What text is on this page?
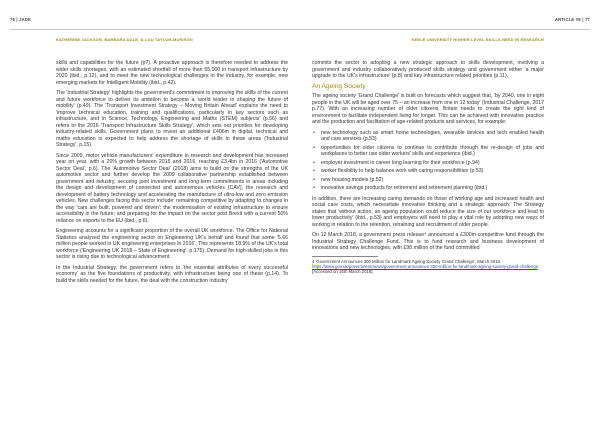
76 | JADE	ARTICLE #9 | 77
KATHERINE JACKSON, BARBARA DALE, & LOU TAYLOR-MURISON	KEELE UNIVERSITY HIGHER LEVEL SKILLS NEED IN RESEARCH

skills and capabilities for the future (p7). A proactive approach is therefore needed to address the wider skills shortages, with an estimated shortfall of more than 55,000 in transport infrastructure by 2020 (ibid., p.12), and to meet the new technological challenges in the industry, for example, new emerging markets for Intelligent Mobility (ibid., p.42).

The 'Industrial Strategy' highlights the government's commitment to improving the skills of the current and future workforce to deliver its ambition to become a 'world leader in shaping the future of mobility' (p.49). The 'Transport Investment Strategy – Moving Britain Ahead' explains the need to 'improve technical education, training and qualifications, particularly in key sectors such as infrastructure, and in Science, Technology, Engineering and Maths (STEM) subjects' (p.66) and refers to the 2016 'Transport Infrastructure Skills Strategy', which sets out priorities for developing industry-related skills. Government plans to invest an additional £406m in digital, technical and maths education is expected to help address the shortage of skills in these areas ('Industrial Strategy', p.15).

Since 2009, motor vehicle manufacturers' expenditure in research and development has increased year on year, with a 20% growth between 2015 and 2016, reaching £3.4bn in 2016 ('Automotive Sector Deal', p.6). The 'Automotive Sector Deal' (2018) aims to build on the strengths of the UK automotive sector and further develop the 2009 collaborative partnership established between government and industry, securing joint investment and long-term commitments in areas including the design and development of connected and autonomous vehicles (CAV), the research and development of battery technology and accelerating the manufacture of ultra-low and zero emission vehicles. New challenges facing this sector include: remaining competitive by adapting to changes in the way 'cars are built, powered and driven'; the modernisation of existing infrastructure to ensure accessibility in the future; and preparing for the impact on the sector post Brexit with a current 50% reliance on exports to the EU (ibid., p.6).

Engineering accounts for a significant proportion of the overall UK workforce. The Office for National Statistics analysed the engineering sector on Engineering UK's behalf and found that some '5.66 million people worked in UK engineering enterprises in 2016'. This represents 18.9% of the UK's total workforce ('Engineering UK 2018 – State of Engineering', p.175). Demand for high-skilled jobs in this sector is rising due to technological advancement.

In the Industrial Strategy, the government refers to 'the essential attributes of every successful economy' as the five foundations of productivity, with infrastructure being one of these (p.14). To build the skills needed for the future, the deal with the construction industry

commits the sector to adopting a new strategic approach to skills development, involving a government and industry collaboratively produced skills strategy and government either 'a major upgrade to the UK's infrastructure' (p.8) and key infrastructure related priorities (p.11).

An Ageing Society

The ageing society 'Grand Challenge' is built on forecasts which suggest that, 'by 2040, one in eight people in the UK will be aged over 75 – an increase from one in 12 today' (Industrial Challenge, 2017 p.77). With an increasing number of older citizens, Britain needs to create the right kind of environment to facilitate independent living for longer. This can be achieved with innovative practice and the production and facilitation of age-related products and services, for example:

• new technology such as smart home technologies, wearable devices and tech enabled health and care services (p.53)
• opportunities for older citizens to continue to contribute through the re-design of jobs and workplaces to better use older workers' skills and experience (ibid.)
• employer investment in career long learning for their workforce (p.94)
• worker flexibility to help balance work with caring responsibilities (p.53)
• new housing models (p.52)
• innovative savings products for retirement and retirement planning (ibid.)

In addition, there are increasing caring demands on those of working age and increased health and social care costs, which necessitate innovative thinking and a strategic approach. The Strategy states that 'without action, an ageing population could reduce the size of our workforce and lead to lower productivity' (ibid., p.53) and employers will need to play a vital role by adopting new ways of working in relation to the retention, retraining and recruitment of older people.

On 12 March 2018, a government press release⁴ announced a £300m competitive fund through the Industrial Strategy Challenge Fund. This is to fund research and business development of innovations and new technologies, with £98 million of the fund committed

4 'Government Announces 300 Million for Landmark Ageing Society Grand Challenge', March 2018. https://www.gov.uk/government/news/government-announces-300-million-for-landmark-ageing-society-grand-challenge [Accessed on 16th March 2018].
